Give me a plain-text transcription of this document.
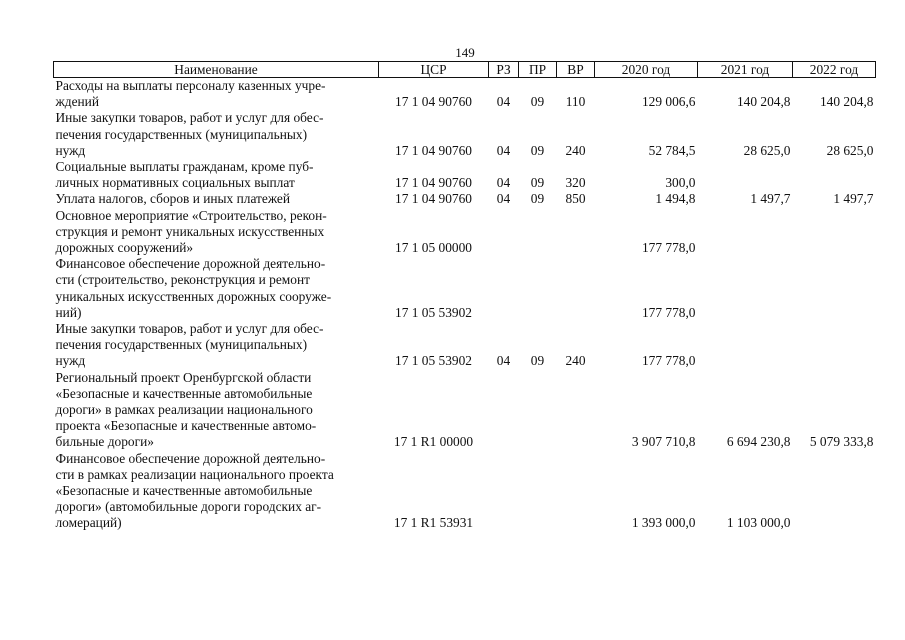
149
Наименование	ЦСР	РЗ	ПР	ВР	2020 год	2021 год	2022 год

Расходы на выплаты персоналу казенных учре-
ждений	17 1 04 90760	04	09	110	129 006,6	140 204,8	140 204,8

Иные закупки товаров, работ и услуг для обес-
печения государственных (муниципальных)
нужд	17 1 04 90760	04	09	240	52 784,5	28 625,0	28 625,0

Социальные выплаты гражданам, кроме пуб-
личных нормативных социальных выплат	17 1 04 90760	04	09	320	300,0		

Уплата налогов, сборов и иных платежей	17 1 04 90760	04	09	850	1 494,8	1 497,7	1 497,7

Основное мероприятие «Строительство, рекон-
струкция и ремонт уникальных искусственных
дорожных сооружений»	17 1 05 00000				177 778,0		

Финансовое обеспечение дорожной деятельно-
сти (строительство, реконструкция и ремонт
уникальных искусственных дорожных сооруже-
ний)	17 1 05 53902				177 778,0		

Иные закупки товаров, работ и услуг для обес-
печения государственных (муниципальных)
нужд	17 1 05 53902	04	09	240	177 778,0		

Региональный проект Оренбургской области
«Безопасные и качественные автомобильные
дороги» в рамках реализации национального
проекта «Безопасные и качественные автомо-
бильные дороги»	17 1 R1 00000				3 907 710,8	6 694 230,8	5 079 333,8

Финансовое обеспечение дорожной деятельно-
сти в рамках реализации национального проекта
«Безопасные и качественные автомобильные
дороги» (автомобильные дороги городских аг-
ломераций)	17 1 R1 53931				1 393 000,0	1 103 000,0	
